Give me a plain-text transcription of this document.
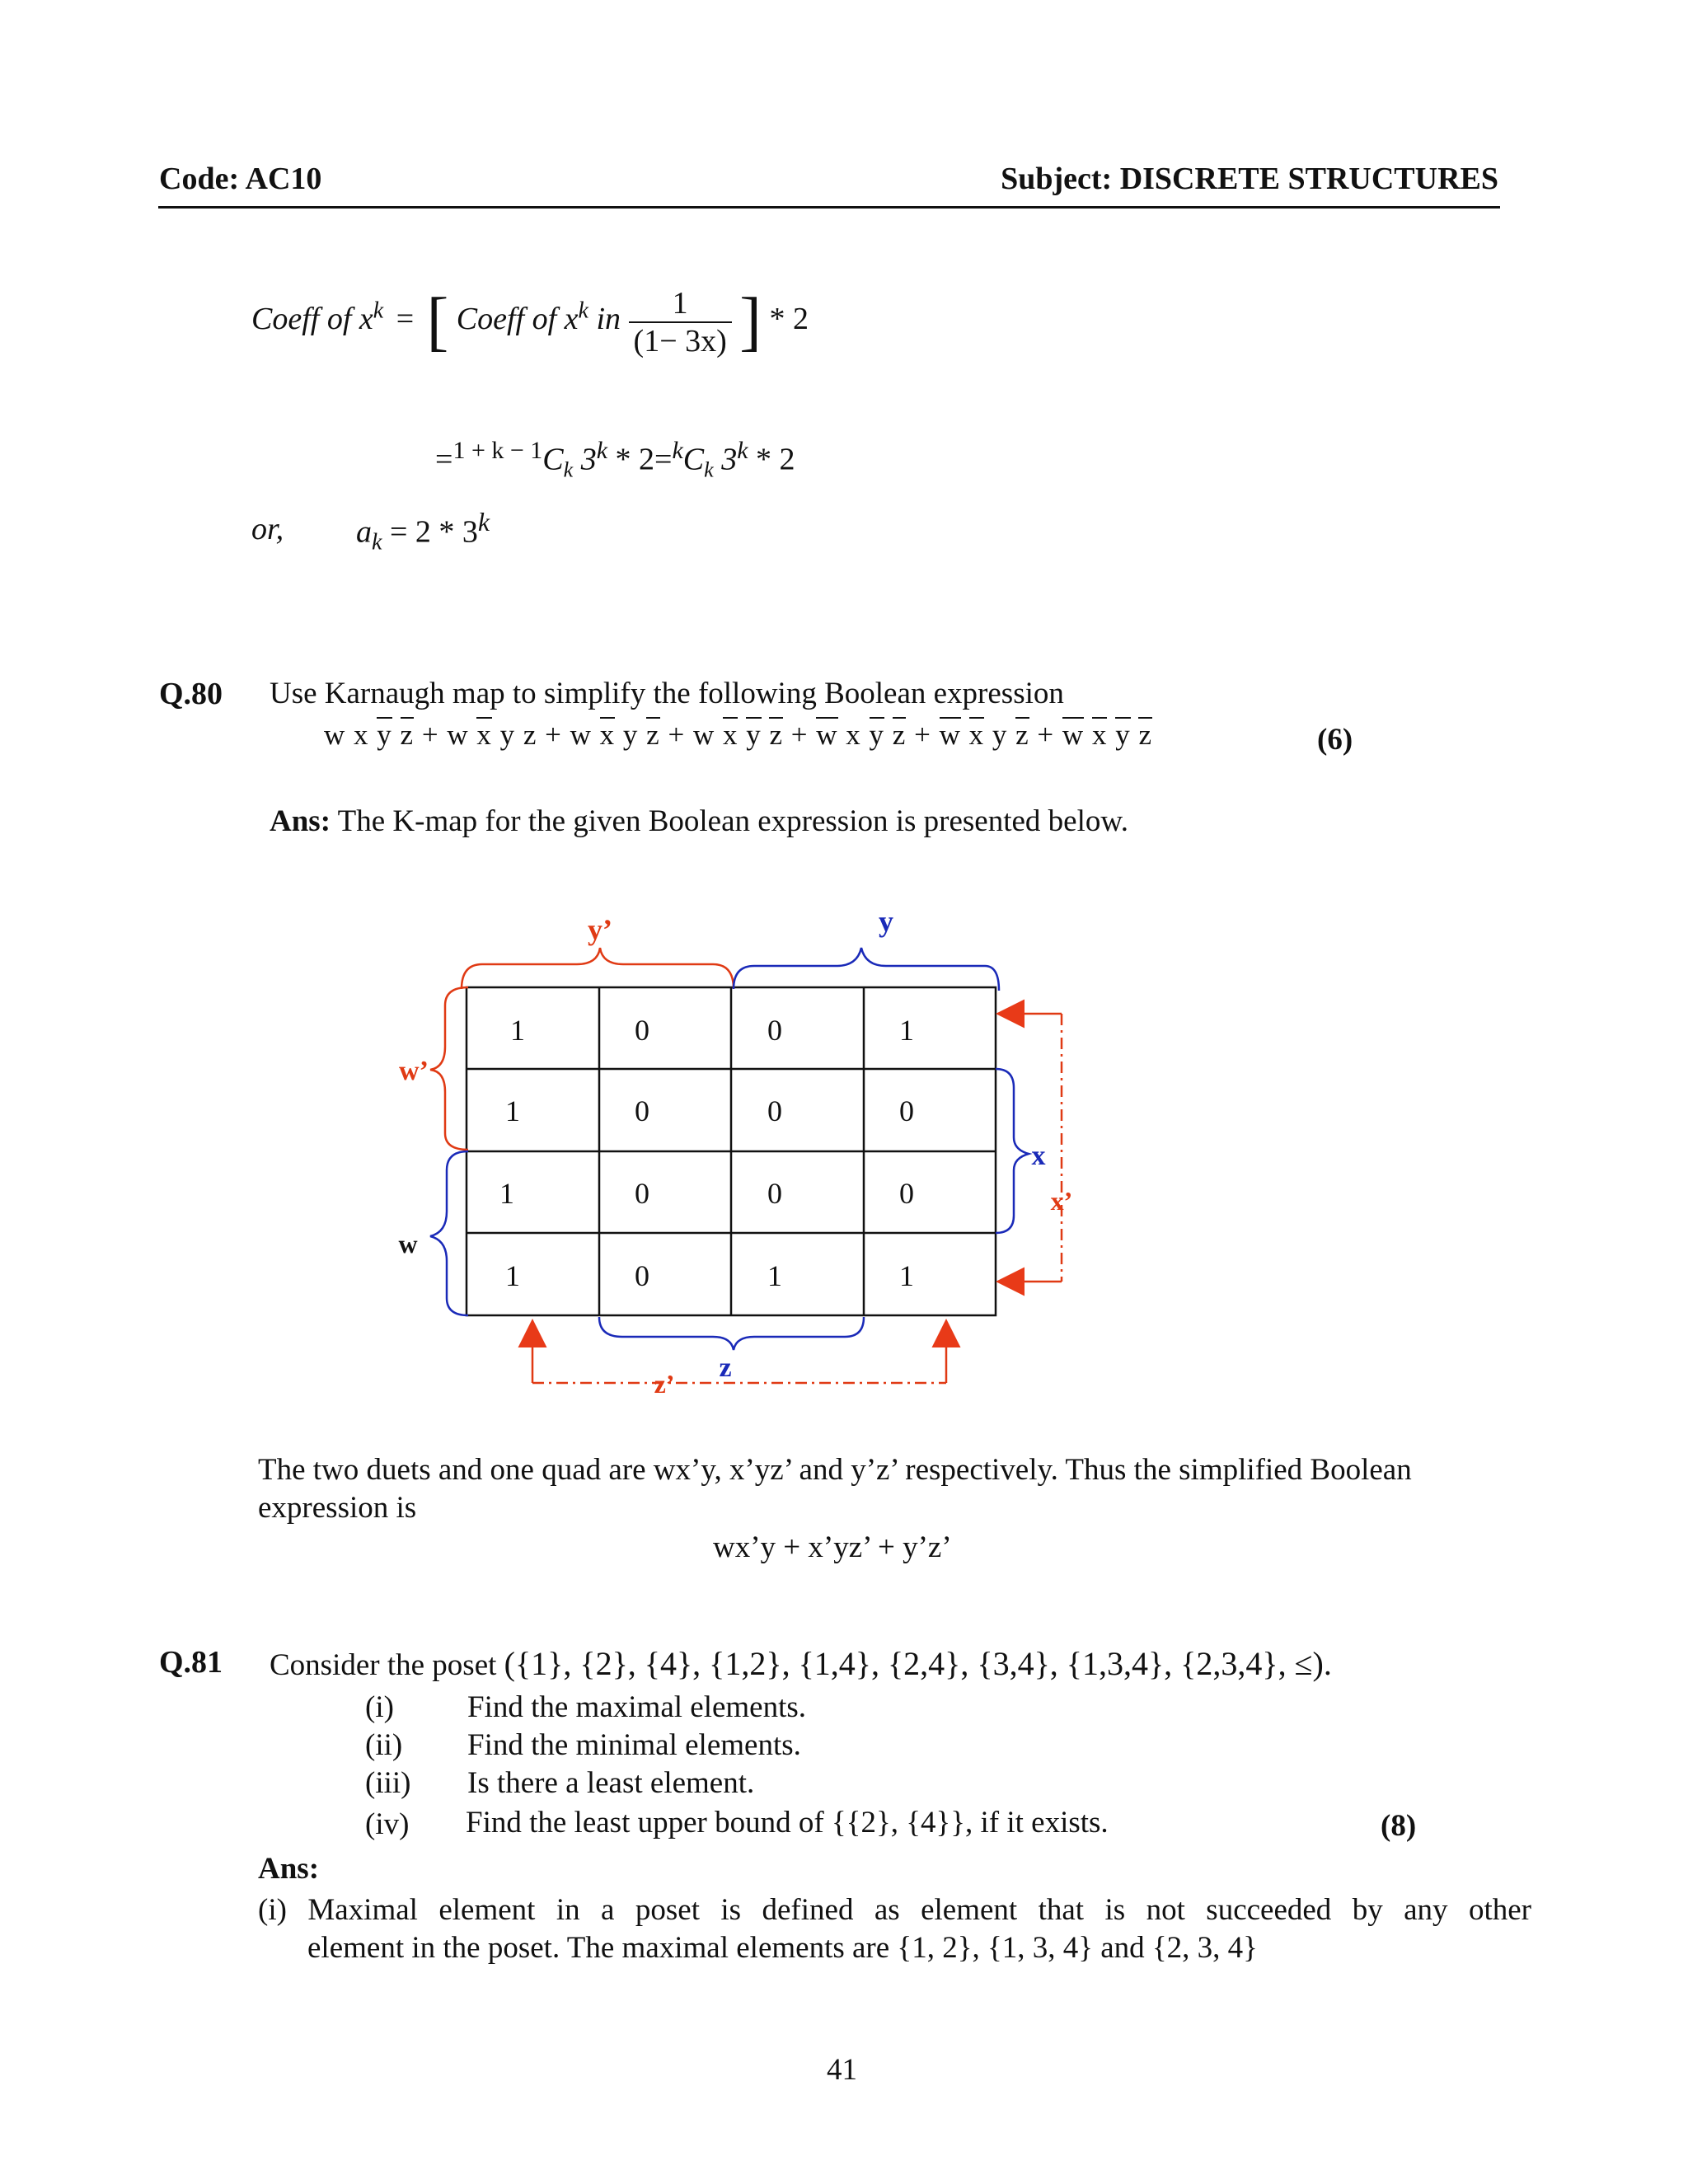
Code: AC10	Subject: DISCRETE STRUCTURES
Coeff of $x^k$ = [ Coeff of $x^k$ in $\frac{1}{(1- 3x)}$ ] * 2
$=^{1 + k - 1}C_k$ $3^k * 2=^kC_k$ 3$^k$ * 2
or, $a_k = 2 * 3^k$
Q.80 Use Karnaugh map to simplify the following Boolean expression
w x y z + w x y z + w x y z + w x y z + w x y z + w x y z + w x y z	(6)
Ans: The K-map for the given Boolean expression is presented below.
1	0	0	1
1	0	0	0
1	0	0	0
1	0	1	1
y’	y
w’
w
x
x’
z
z’
The two duets and one quad are wx’y, x’yz’ and y’z’ respectively. Thus the simplified Boolean
expression is
wx’y + x’yz’ + y’z’
Q.81 Consider the poset ({1}, {2}, {4}, {1,2}, {1,4}, {2,4}, {3,4}, {1,3,4}, {2,3,4}, ≤).
(i) Find the maximal elements.
(ii) Find the minimal elements.
(iii) Is there a least element.
(iv) Find the least upper bound of {{2}, {4}}, if it exists.	(8)
Ans:
(i) Maximal element in a poset is defined as element that is not succeeded by any other
element in the poset. The maximal elements are {1, 2}, {1, 3, 4} and {2, 3, 4}
41
